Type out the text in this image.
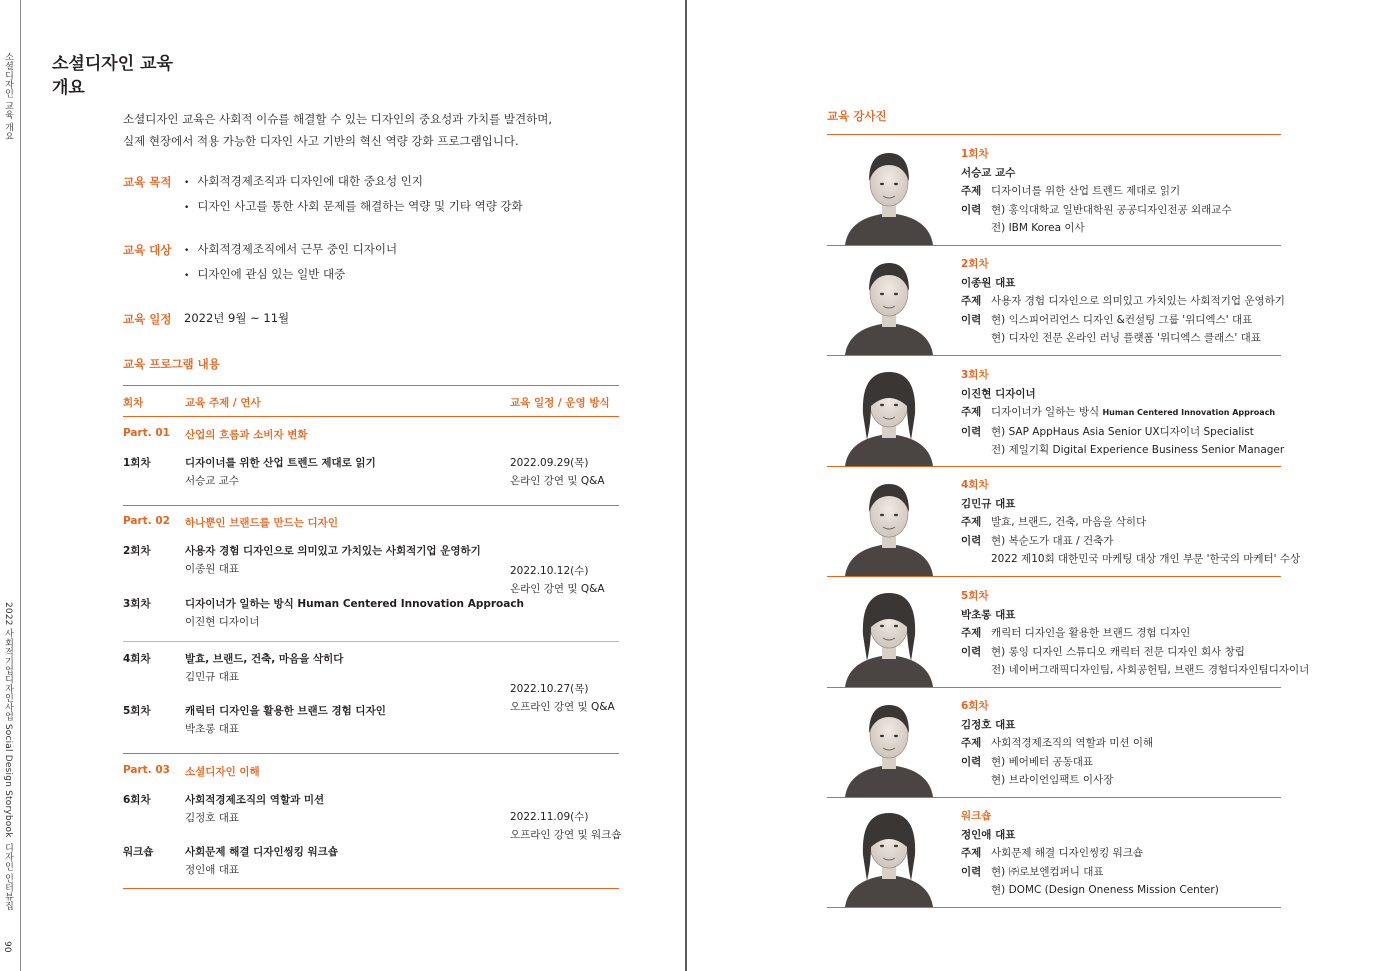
소셜디자인 교육 개요
2022 사회적기업디자인사업 Social Design Storybook
디자인 인터뷰집
90
소셜디자인 교육
개요
소셜디자인 교육은 사회적 이슈를 해결할 수 있는 디자인의 중요성과 가치를 발견하며,
실제 현장에서 적용 가능한 디자인 사고 기반의 혁신 역량 강화 프로그램입니다.
교육 목적	• 사회적경제조직과 디자인에 대한 중요성 인지
• 디자인 사고를 통한 사회 문제를 해결하는 역량 및 기타 역량 강화
교육 대상	• 사회적경제조직에서 근무 중인 디자이너
• 디자인에 관심 있는 일반 대중
교육 일정 2022년 9월 ~ 11월
교육 프로그램 내용
회차	교육 주제 / 연사	교육 일정 / 운영 방식
Part. 01 산업의 흐름과 소비자 변화
1회차	디자이너를 위한 산업 트렌드 제대로 읽기
서승교 교수
2022.09.29(목)
온라인 강연 및 Q&A
Part. 02 하나뿐인 브랜드를 만드는 디자인
2회차	사용자 경험 디자인으로 의미있고 가치있는 사회적기업 운영하기
이종원 대표
3회차	디자이너가 일하는 방식 Human Centered Innovation Approach
이진현 디자이너
2022.10.12(수)
온라인 강연 및 Q&A
4회차	발효, 브랜드, 건축, 마음을 삭히다
김민규 대표
5회차	캐릭터 디자인을 활용한 브랜드 경험 디자인
박초롱 대표
2022.10.27(목)
오프라인 강연 및 Q&A
Part. 03 소셜디자인 이해
6회차	사회적경제조직의 역할과 미션
김정호 대표
워크숍	사회문제 해결 디자인씽킹 워크숍
정인애 대표
2022.11.09(수)
오프라인 강연 및 워크숍
교육 강사진
1회차
서승교 교수
주제 디자이너를 위한 산업 트렌드 제대로 읽기
이력 현) 홍익대학교 일반대학원 공공디자인전공 외래교수
전) IBM Korea 이사
2회차
이종원 대표
주제 사용자 경험 디자인으로 의미있고 가치있는 사회적기업 운영하기
이력 현) 익스피어리언스 디자인 &컨설팅 그룹 '위디엑스' 대표
현) 디자인 전문 온라인 러닝 플랫폼 '위디엑스 클래스' 대표
3회차
이진현 디자이너
주제 디자이너가 일하는 방식 Human Centered Innovation Approach
이력 현) SAP AppHaus Asia Senior UX디자이너 Specialist
전) 제일기획 Digital Experience Business Senior Manager
4회차
김민규 대표
주제 발효, 브랜드, 건축, 마음을 삭히다
이력 현) 복순도가 대표 / 건축가
2022 제10회 대한민국 마케팅 대상 개인 부문 '한국의 마케터' 수상
5회차
박초롱 대표
주제 캐릭터 디자인을 활용한 브랜드 경험 디자인
이력 현) 롱잉 디자인 스튜디오 캐릭터 전문 디자인 회사 창립
전) 네이버그래픽디자인팀, 사회공헌팀, 브랜드 경험디자인팀디자이너
6회차
김정호 대표
주제 사회적경제조직의 역할과 미션 이해
이력 현) 베어베터 공동대표
현) 브라이언임팩트 이사장
워크숍
정인애 대표
주제 사회문제 해결 디자인씽킹 워크숍
이력 현) ㈜로보엔컴퍼니 대표
현) DOMC (Design Oneness Mission Center)
